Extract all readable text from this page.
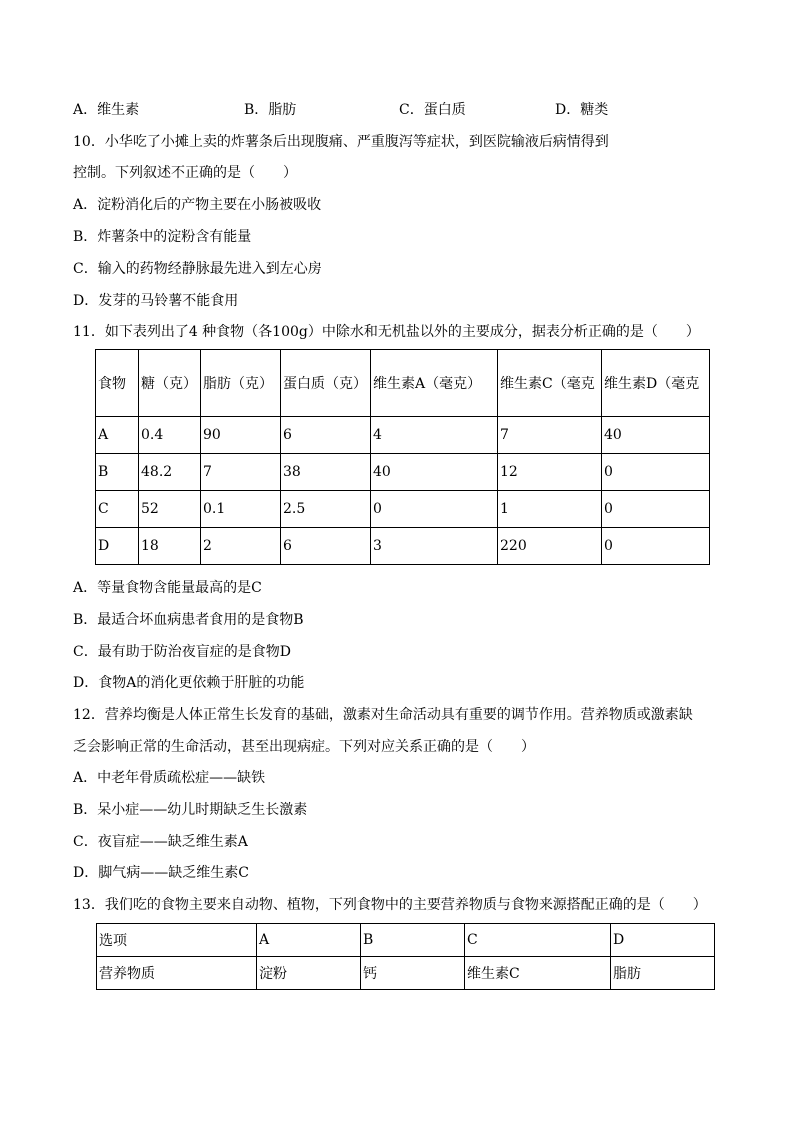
A．维生素	B．脂肪	C．蛋白质	D．糖类
10．小华吃了小摊上卖的炸薯条后出现腹痛、严重腹泻等症状，到医院输液后病情得到
控制。下列叙述不正确的是（　　）
A．淀粉消化后的产物主要在小肠被吸收
B．炸薯条中的淀粉含有能量
C．输入的药物经静脉最先进入到左心房
D．发芽的马铃薯不能食用
11．如下表列出了4 种食物（各100g）中除水和无机盐以外的主要成分，据表分析正确的是（　　）
食物	糖（克）	脂肪（克）	蛋白质（克）	维生素A（毫克）	维生素C（毫克	维生素D（毫克
A	0.4	90	6	4	7	40
B	48.2	7	38	40	12	0
C	52	0.1	2.5	0	1	0
D	18	2	6	3	220	0
A．等量食物含能量最高的是C
B．最适合坏血病患者食用的是食物B
C．最有助于防治夜盲症的是食物D
D．食物A的消化更依赖于肝脏的功能
12．营养均衡是人体正常生长发育的基础，激素对生命活动具有重要的调节作用。营养物质或激素缺
乏会影响正常的生命活动，甚至出现病症。下列对应关系正确的是（　　）
A．中老年骨质疏松症——缺铁
B．呆小症——幼儿时期缺乏生长激素
C．夜盲症——缺乏维生素A
D．脚气病——缺乏维生素C
13．我们吃的食物主要来自动物、植物，下列食物中的主要营养物质与食物来源搭配正确的是（　　）
选项	A	B	C	D
营养物质	淀粉	钙	维生素C	脂肪
